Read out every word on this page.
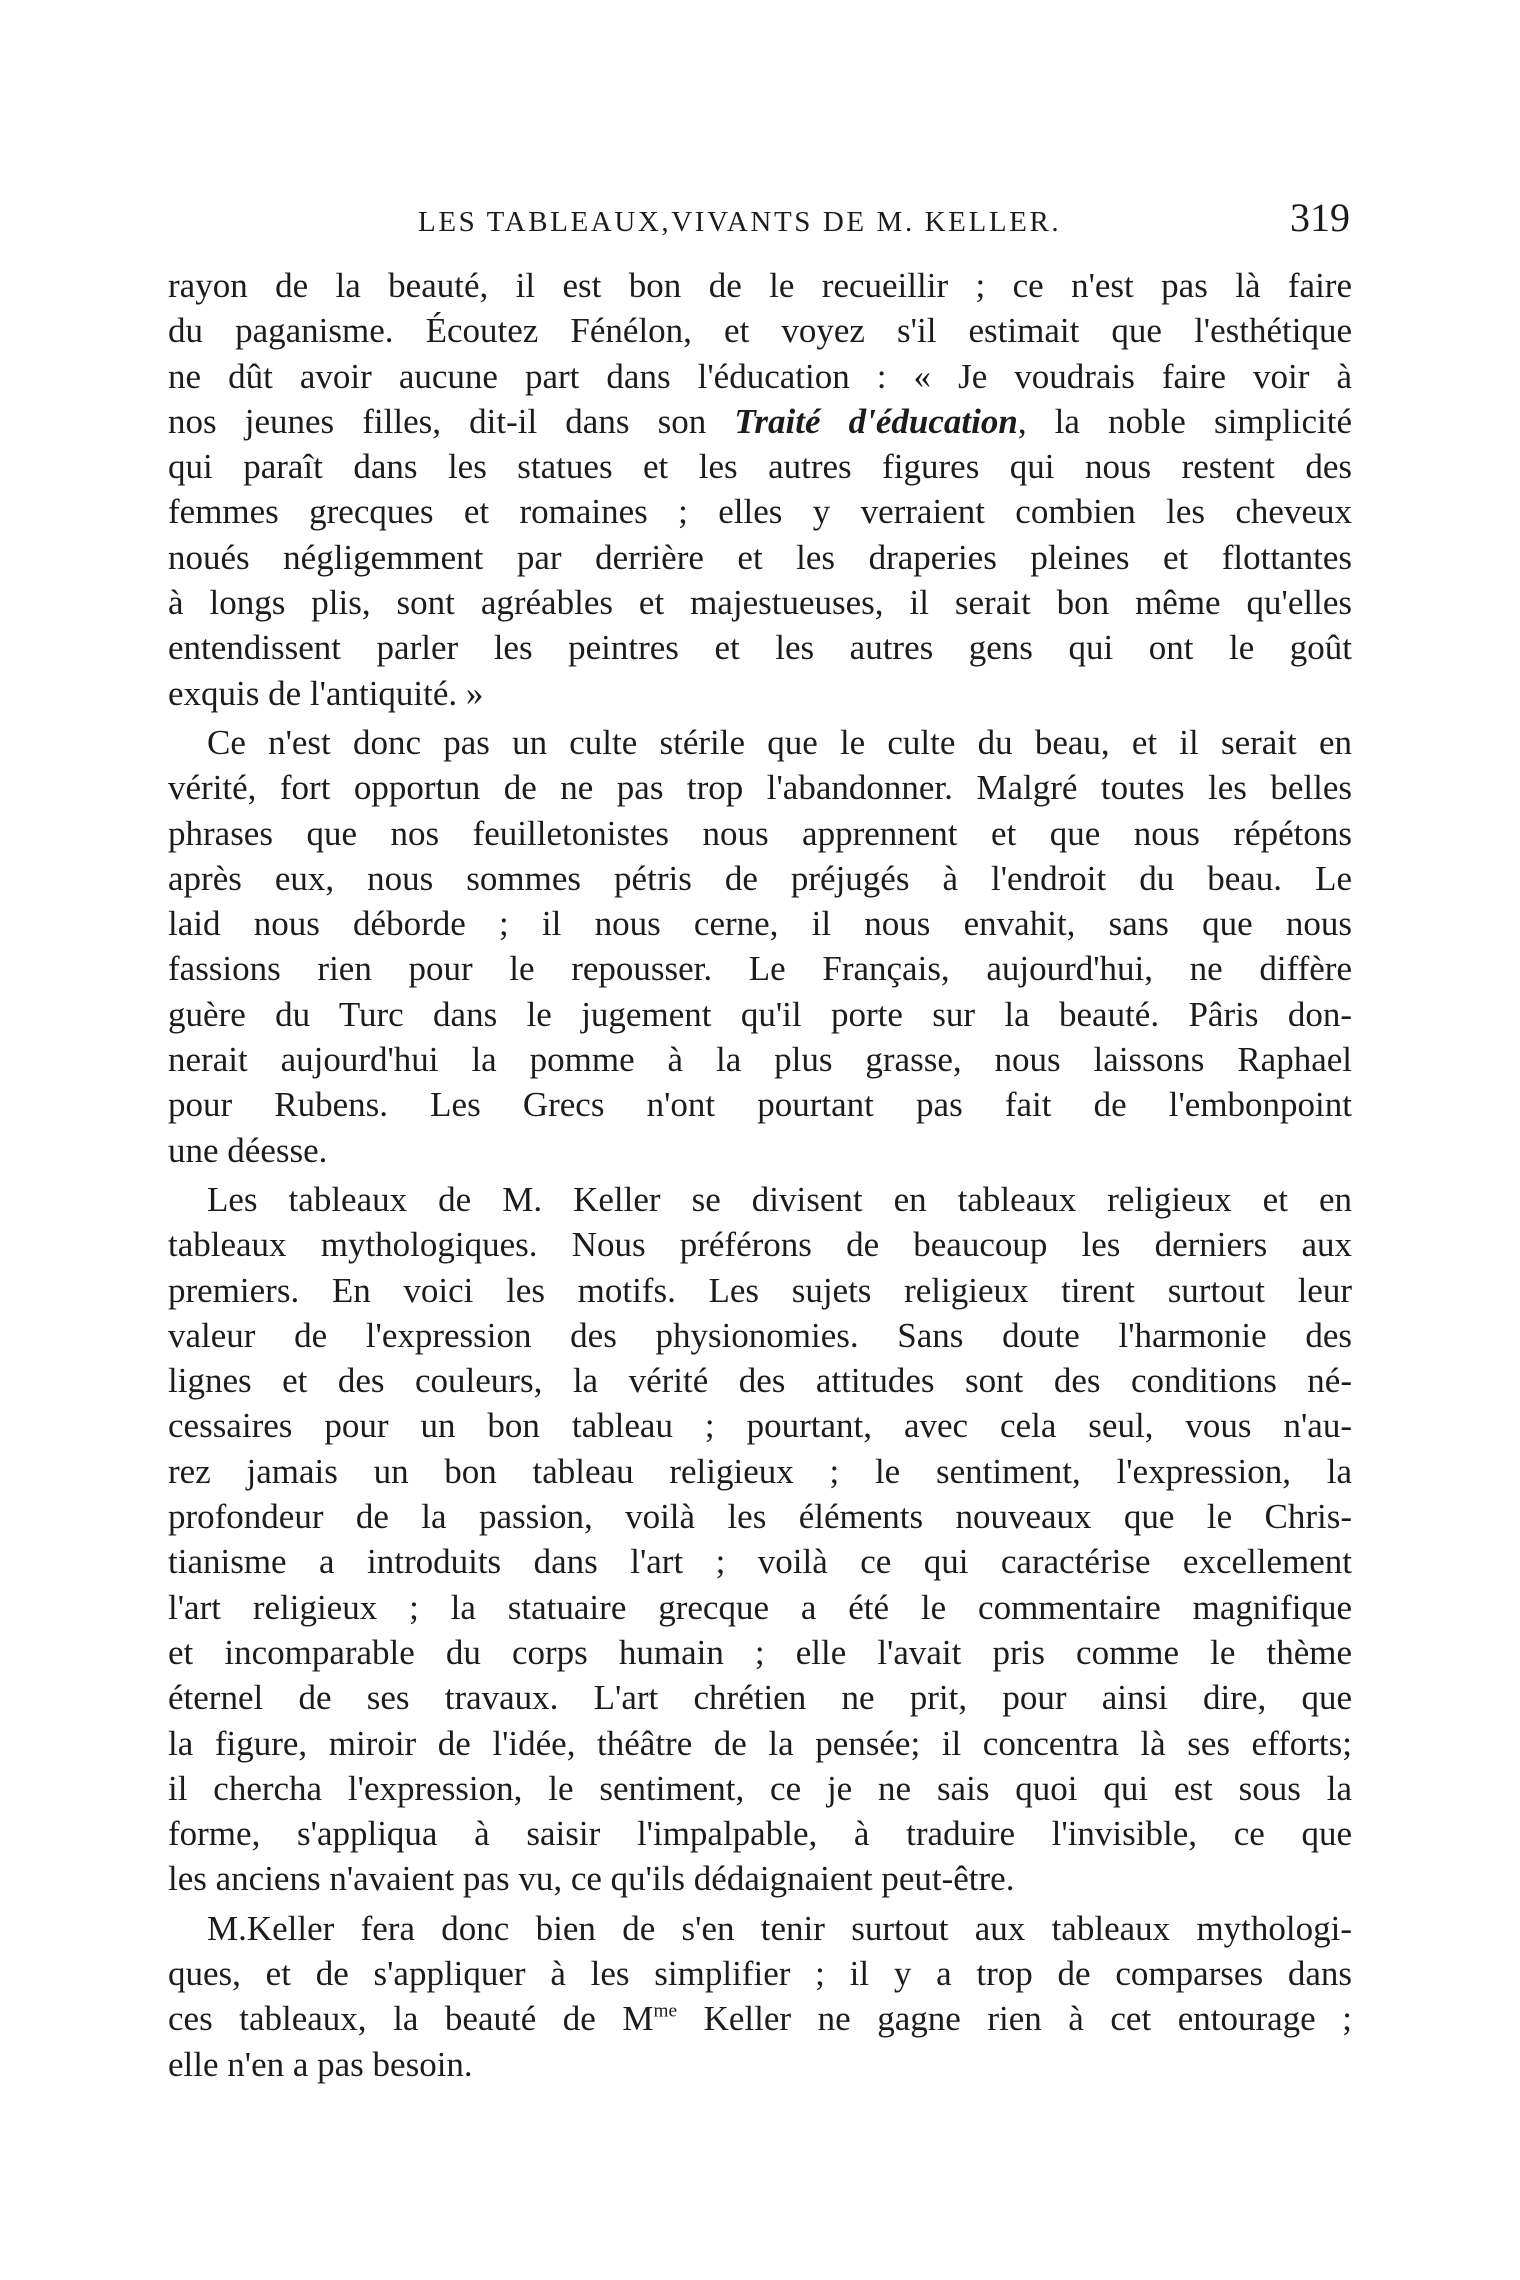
LES TABLEAUX,VIVANTS DE M. KELLER.	319
rayon de la beauté, il est bon de le recueillir ; ce n'est pas là faire
du paganisme. Écoutez Fénélon, et voyez s'il estimait que l'esthétique
ne dût avoir aucune part dans l'éducation : « Je voudrais faire voir à
nos jeunes filles, dit-il dans son Traité d'éducation, la noble simplicité
qui paraît dans les statues et les autres figures qui nous restent des
femmes grecques et romaines ; elles y verraient combien les cheveux
noués négligemment par derrière et les draperies pleines et flottantes
à longs plis, sont agréables et majestueuses, il serait bon même qu'elles
entendissent parler les peintres et les autres gens qui ont le goût
exquis de l'antiquité. »
Ce n'est donc pas un culte stérile que le culte du beau, et il serait en
vérité, fort opportun de ne pas trop l'abandonner. Malgré toutes les belles
phrases que nos feuilletonistes nous apprennent et que nous répétons
après eux, nous sommes pétris de préjugés à l'endroit du beau. Le
laid nous déborde ; il nous cerne, il nous envahit, sans que nous
fassions rien pour le repousser. Le Français, aujourd'hui, ne diffère
guère du Turc dans le jugement qu'il porte sur la beauté. Pâris don-
nerait aujourd'hui la pomme à la plus grasse, nous laissons Raphael
pour Rubens. Les Grecs n'ont pourtant pas fait de l'embonpoint
une déesse.
Les tableaux de M. Keller se divisent en tableaux religieux et en
tableaux mythologiques. Nous préférons de beaucoup les derniers aux
premiers. En voici les motifs. Les sujets religieux tirent surtout leur
valeur de l'expression des physionomies. Sans doute l'harmonie des
lignes et des couleurs, la vérité des attitudes sont des conditions né-
cessaires pour un bon tableau ; pourtant, avec cela seul, vous n'au-
rez jamais un bon tableau religieux ; le sentiment, l'expression, la
profondeur de la passion, voilà les éléments nouveaux que le Chris-
tianisme a introduits dans l'art ; voilà ce qui caractérise excellement
l'art religieux ; la statuaire grecque a été le commentaire magnifique
et incomparable du corps humain ; elle l'avait pris comme le thème
éternel de ses travaux. L'art chrétien ne prit, pour ainsi dire, que
la figure, miroir de l'idée, théâtre de la pensée; il concentra là ses efforts;
il chercha l'expression, le sentiment, ce je ne sais quoi qui est sous la
forme, s'appliqua à saisir l'impalpable, à traduire l'invisible, ce que
les anciens n'avaient pas vu, ce qu'ils dédaignaient peut-être.
M.Keller fera donc bien de s'en tenir surtout aux tableaux mythologi-
ques, et de s'appliquer à les simplifier ; il y a trop de comparses dans
ces tableaux, la beauté de $M^{me}$ Keller ne gagne rien à cet entourage ;
elle n'en a pas besoin.
